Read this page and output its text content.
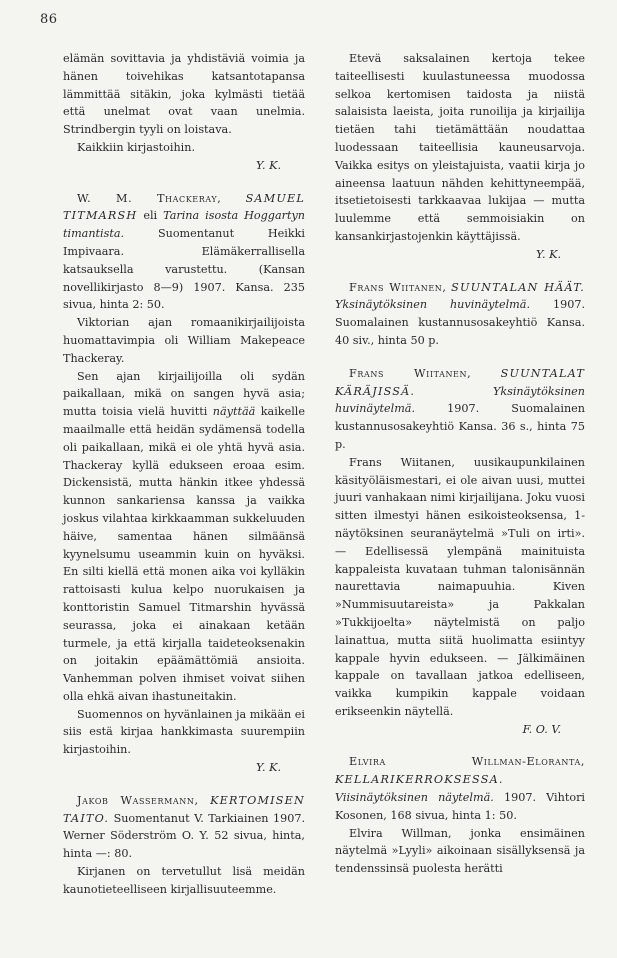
86

elämän sovittavia ja yhdistäviä voimia ja hänen toivehikas katsantotapansa lämmittää sitäkin, joka kylmästi tietää että unelmat ovat vaan unelmia. Strindbergin tyyli on loistava.

Kaikkiin kirjastoihin.

Y. K.

W. M. Thackeray, SAMUEL TITMARSH eli Tarina isosta Hoggartyn timantista.	Suomentanut Heikki Impivaara. Elämäkerrallisella katsauksella varustettu. (Kansan novellikirjasto 8—9) 1907. Kansa. 235 sivua, hinta 2: 50.

Viktorian ajan romaanikirjailijoista huomattavimpia oli William Makepeace Thackeray.

Sen ajan kirjailijoilla oli sydän paikallaan, mikä on sangen hyvä asia; mutta toisia vielä huvitti näyttää kaikelle maailmalle että heidän sydämensä todella oli paikallaan, mikä ei ole yhtä hyvä asia. Thackeray kyllä edukseen eroaa esim. Dickensistä, mutta hänkin itkee yhdessä kunnon sankariensa kanssa ja vaikka joskus vilahtaa kirkkaamman sukkeluuden häive, samentaa hänen silmäänsä kyynelsumu useammin kuin on hyväksi. En silti kiellä että monen aika voi kylläkin rattoisasti kulua kelpo nuorukaisen ja konttoristin Samuel Titmarshin hyvässä seurassa, joka ei ainakaan ketään turmele, ja että kirjalla taideteoksenakin on joitakin epäämättömiä ansioita. Vanhemman polven ihmiset voivat siihen olla ehkä aivan ihastuneitakin.

Suomennos on hyvänlainen ja mikään ei siis estä kirjaa hankkimasta suurempiin kirjastoihin.

Y. K.

Jakob Wassermann, KERTOMISEN TAITO. Suomentanut V. Tarkiainen 1907. Werner Söderström O. Y. 52 sivua, hinta, hinta —: 80.

Kirjanen on tervetullut lisä meidän kaunotieteelliseen kirjallisuuteemme.

Etevä saksalainen kertoja tekee taiteellisesti kuulastuneessa muodossa selkoa kertomisen taidosta ja niistä salaisista laeista, joita runoilija ja kirjailija tietäen tahi tietämättään noudattaa luodessaan taiteellisia kauneusarvoja. Vaikka esitys on yleistajuista, vaatii kirja jo aineensa laatuun nähden kehittyneempää, itsetietoisesti tarkkaavaa lukijaa — mutta luulemme että semmoisiakin on kansankirjastojenkin käyttäjissä.

Y. K.

Frans Wiitanen, SUUNTALAN HÄÄT. Yksinäytöksinen huvinäytelmä. 1907. Suomalainen kustannusosakeyhtiö Kansa. 40 siv., hinta 50 p.

Frans Wiitanen,	SUUNTALAT KÄRÄJISSÄ.	Yksinäytöksinen huvinäytelmä.	1907. Suomalainen kustannusosakeyhtiö Kansa. 36 s., hinta 75 p.

Frans Wiitanen, uusikaupunkilainen käsityöläismestari, ei ole aivan uusi, muttei juuri vanhakaan nimi kirjailijana. Joku vuosi sitten ilmestyi hänen esikoisteoksensa, 1-näytöksinen seuranäytelmä »Tuli on irti». — Edellisessä ylempänä mainituista kappaleista kuvataan tuhman talonisännän naurettavia naimapuuhia. Kiven »Nummisuutareista» ja Pakkalan »Tukkijoelta» näytelmistä on paljo lainattua, mutta siitä huolimatta esiintyy kappale hyvin edukseen. — Jälkimäinen kappale on tavallaan jatkoa edelliseen, vaikka kumpikin kappale voidaan erikseenkin näytellä.

F. O. V.

Elvira Willman-Eloranta, KELLARIKERROKSESSA. Viisinäytöksinen näytelmä. 1907. Vihtori Kosonen, 168 sivua, hinta 1: 50.

Elvira Willman, jonka ensimäinen näytelmä »Lyyli» aikoinaan sisällyksensä ja tendenssinsä puolesta herätti
